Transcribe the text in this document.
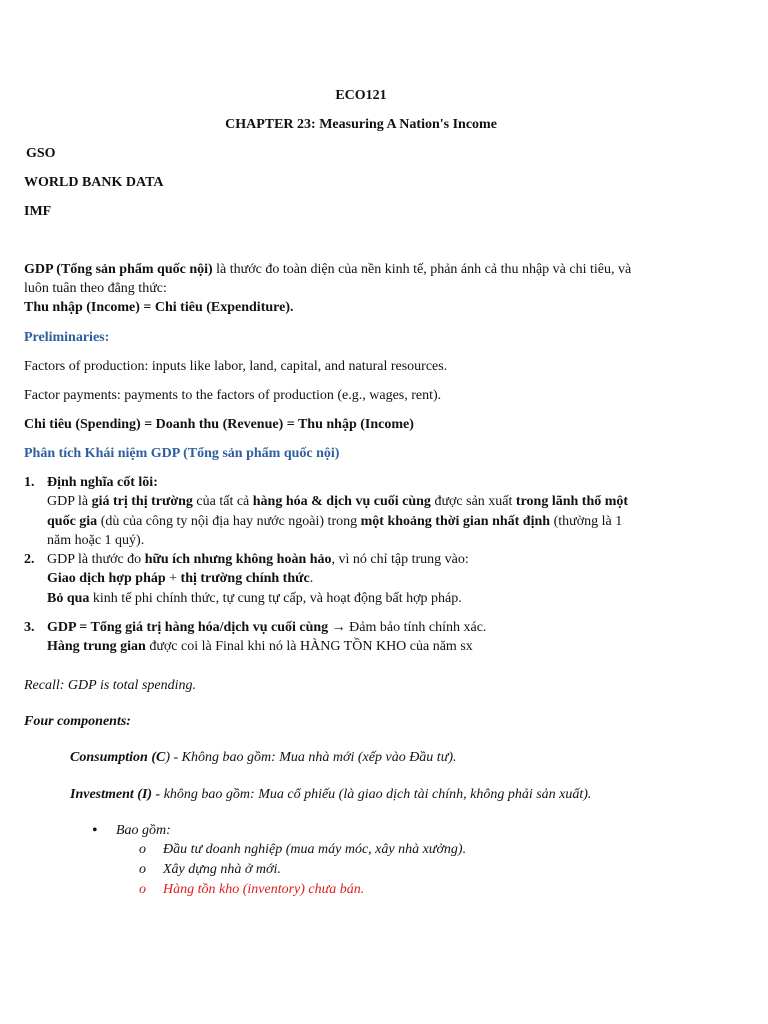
ECO121
CHAPTER 23: Measuring A Nation's Income
GSO
WORLD BANK DATA
IMF
GDP (Tổng sản phẩm quốc nội) là thước đo toàn diện của nền kinh tế, phản ánh cả thu nhập và chi tiêu, và
luôn tuân theo đẳng thức:
Thu nhập (Income) = Chi tiêu (Expenditure).
Preliminaries:
Factors of production: inputs like labor, land, capital, and natural resources.
Factor payments: payments to the factors of production (e.g., wages, rent).
Chi tiêu (Spending) = Doanh thu (Revenue) = Thu nhập (Income)
Phân tích Khái niệm GDP (Tổng sản phẩm quốc nội)
1. Định nghĩa cốt lõi:
GDP là giá trị thị trường của tất cả hàng hóa & dịch vụ cuối cùng được sản xuất trong lãnh thổ một
quốc gia (dù của công ty nội địa hay nước ngoài) trong một khoảng thời gian nhất định (thường là 1
năm hoặc 1 quý).
2. GDP là thước đo hữu ích nhưng không hoàn hảo, vì nó chỉ tập trung vào:
Giao dịch hợp pháp + thị trường chính thức.
Bỏ qua kinh tế phi chính thức, tự cung tự cấp, và hoạt động bất hợp pháp.
3. GDP = Tổng giá trị hàng hóa/dịch vụ cuối cùng → Đảm bảo tính chính xác.
Hàng trung gian được coi là Final khi nó là HÀNG TỒN KHO của năm sx
Recall: GDP is total spending.
Four components:
Consumption (C) - Không bao gồm: Mua nhà mới (xếp vào Đầu tư).
Investment (I) - không bao gồm: Mua cổ phiếu (là giao dịch tài chính, không phải sản xuất).
• Bao gồm:
o Đầu tư doanh nghiệp (mua máy móc, xây nhà xưởng).
o Xây dựng nhà ở mới.
o Hàng tồn kho (inventory) chưa bán.
